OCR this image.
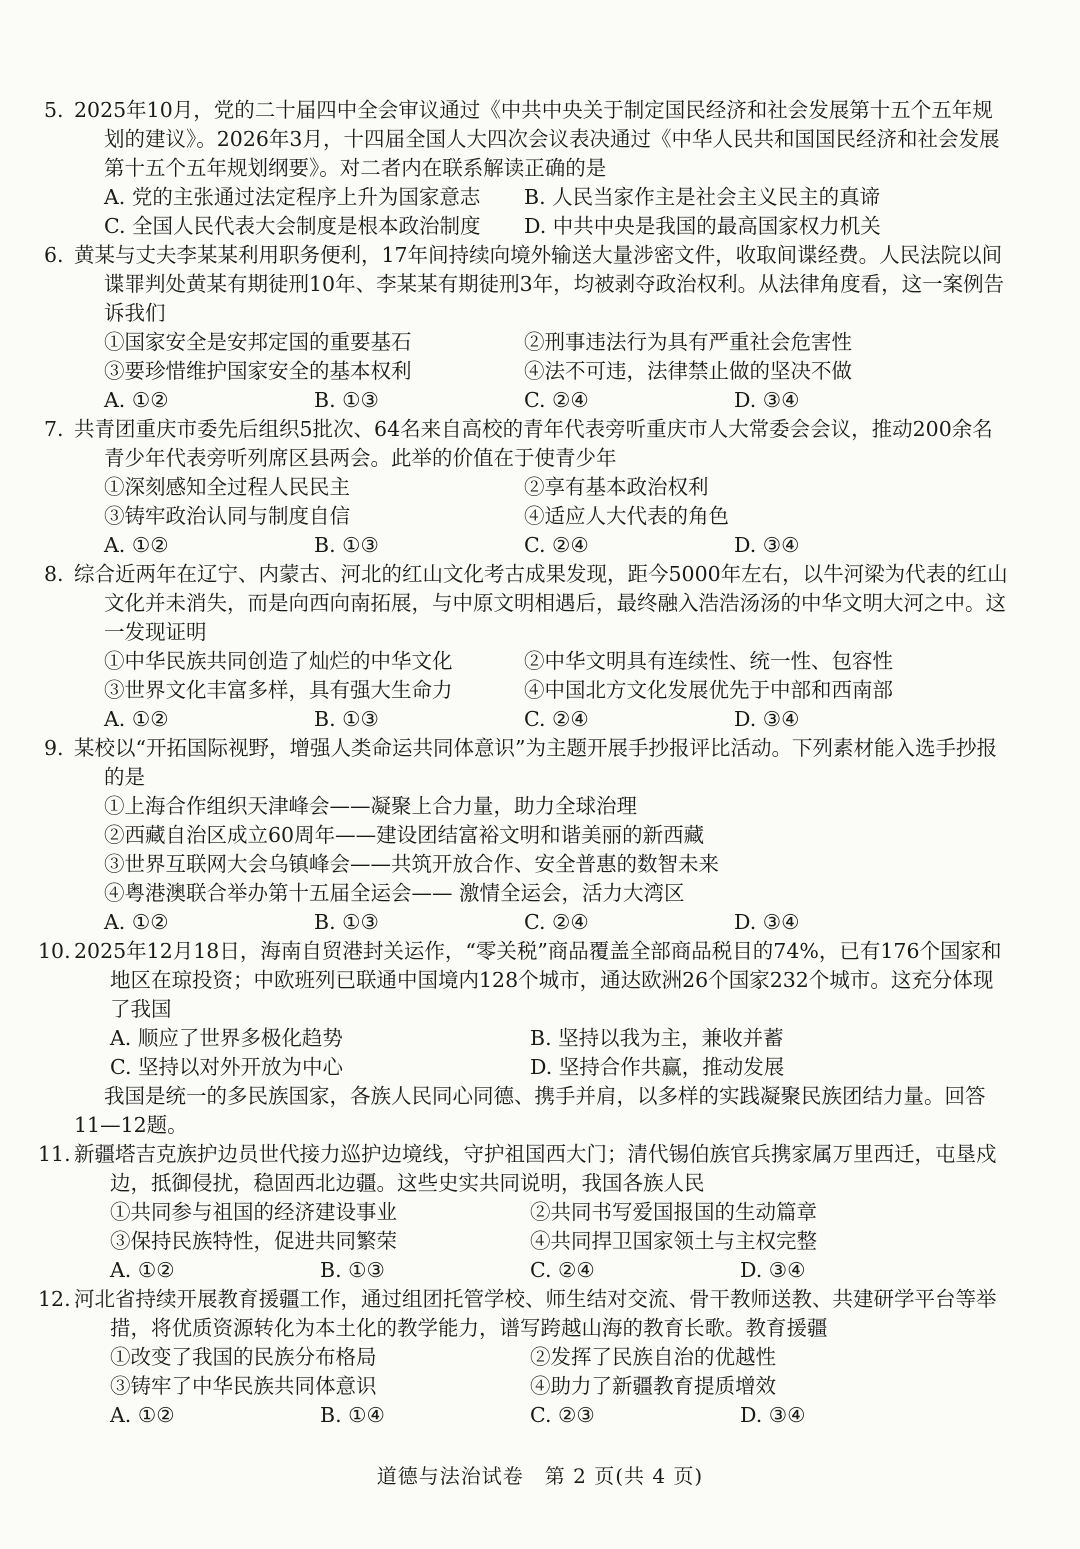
5. 2025年10月，党的二十届四中全会审议通过《中共中央关于制定国民经济和社会发展第十五个五年规划的建议》。2026年3月，十四届全国人大四次会议表决通过《中华人民共和国国民经济和社会发展第十五个五年规划纲要》。对二者内在联系解读正确的是
A. 党的主张通过法定程序上升为国家意志	B. 人民当家作主是社会主义民主的真谛
C. 全国人民代表大会制度是根本政治制度	D. 中共中央是我国的最高国家权力机关
6. 黄某与丈夫李某某利用职务便利，17年间持续向境外输送大量涉密文件，收取间谍经费。人民法院以间谍罪判处黄某有期徒刑10年、李某某有期徒刑3年，均被剥夺政治权利。从法律角度看，这一案例告诉我们
①国家安全是安邦定国的重要基石	②刑事违法行为具有严重社会危害性
③要珍惜维护国家安全的基本权利	④法不可违，法律禁止做的坚决不做
A. ①②	B. ①③	C. ②④	D. ③④
7. 共青团重庆市委先后组织5批次、64名来自高校的青年代表旁听重庆市人大常委会会议，推动200余名青少年代表旁听列席区县两会。此举的价值在于使青少年
①深刻感知全过程人民民主	②享有基本政治权利
③铸牢政治认同与制度自信	④适应人大代表的角色
A. ①②	B. ①③	C. ②④	D. ③④
8. 综合近两年在辽宁、内蒙古、河北的红山文化考古成果发现，距今5000年左右，以牛河梁为代表的红山文化并未消失，而是向西向南拓展，与中原文明相遇后，最终融入浩浩汤汤的中华文明大河之中。这一发现证明
①中华民族共同创造了灿烂的中华文化	②中华文明具有连续性、统一性、包容性
③世界文化丰富多样，具有强大生命力	④中国北方文化发展优先于中部和西南部
A. ①②	B. ①③	C. ②④	D. ③④
9. 某校以“开拓国际视野，增强人类命运共同体意识”为主题开展手抄报评比活动。下列素材能入选手抄报的是
①上海合作组织天津峰会——凝聚上合力量，助力全球治理
②西藏自治区成立60周年——建设团结富裕文明和谐美丽的新西藏
③世界互联网大会乌镇峰会——共筑开放合作、安全普惠的数智未来
④粤港澳联合举办第十五届全运会—— 激情全运会，活力大湾区
A. ①②	B. ①③	C. ②④	D. ③④
10. 2025年12月18日，海南自贸港封关运作，“零关税”商品覆盖全部商品税目的74%，已有176个国家和地区在琼投资；中欧班列已联通中国境内128个城市，通达欧洲26个国家232个城市。这充分体现了我国
A. 顺应了世界多极化趋势	B. 坚持以我为主，兼收并蓄
C. 坚持以对外开放为中心	D. 坚持合作共赢，推动发展
我国是统一的多民族国家，各族人民同心同德、携手并肩，以多样的实践凝聚民族团结力量。回答11—12题。
11. 新疆塔吉克族护边员世代接力巡护边境线，守护祖国西大门；清代锡伯族官兵携家属万里西迁，屯垦戍边，抵御侵扰，稳固西北边疆。这些史实共同说明，我国各族人民
①共同参与祖国的经济建设事业	②共同书写爱国报国的生动篇章
③保持民族特性，促进共同繁荣	④共同捍卫国家领土与主权完整
A. ①②	B. ①③	C. ②④	D. ③④
12. 河北省持续开展教育援疆工作，通过组团托管学校、师生结对交流、骨干教师送教、共建研学平台等举措，将优质资源转化为本土化的教学能力，谱写跨越山海的教育长歌。教育援疆
①改变了我国的民族分布格局	②发挥了民族自治的优越性
③铸牢了中华民族共同体意识	④助力了新疆教育提质增效
A. ①②	B. ①④	C. ②③	D. ③④
道德与法治试卷　第 2 页(共 4 页)
